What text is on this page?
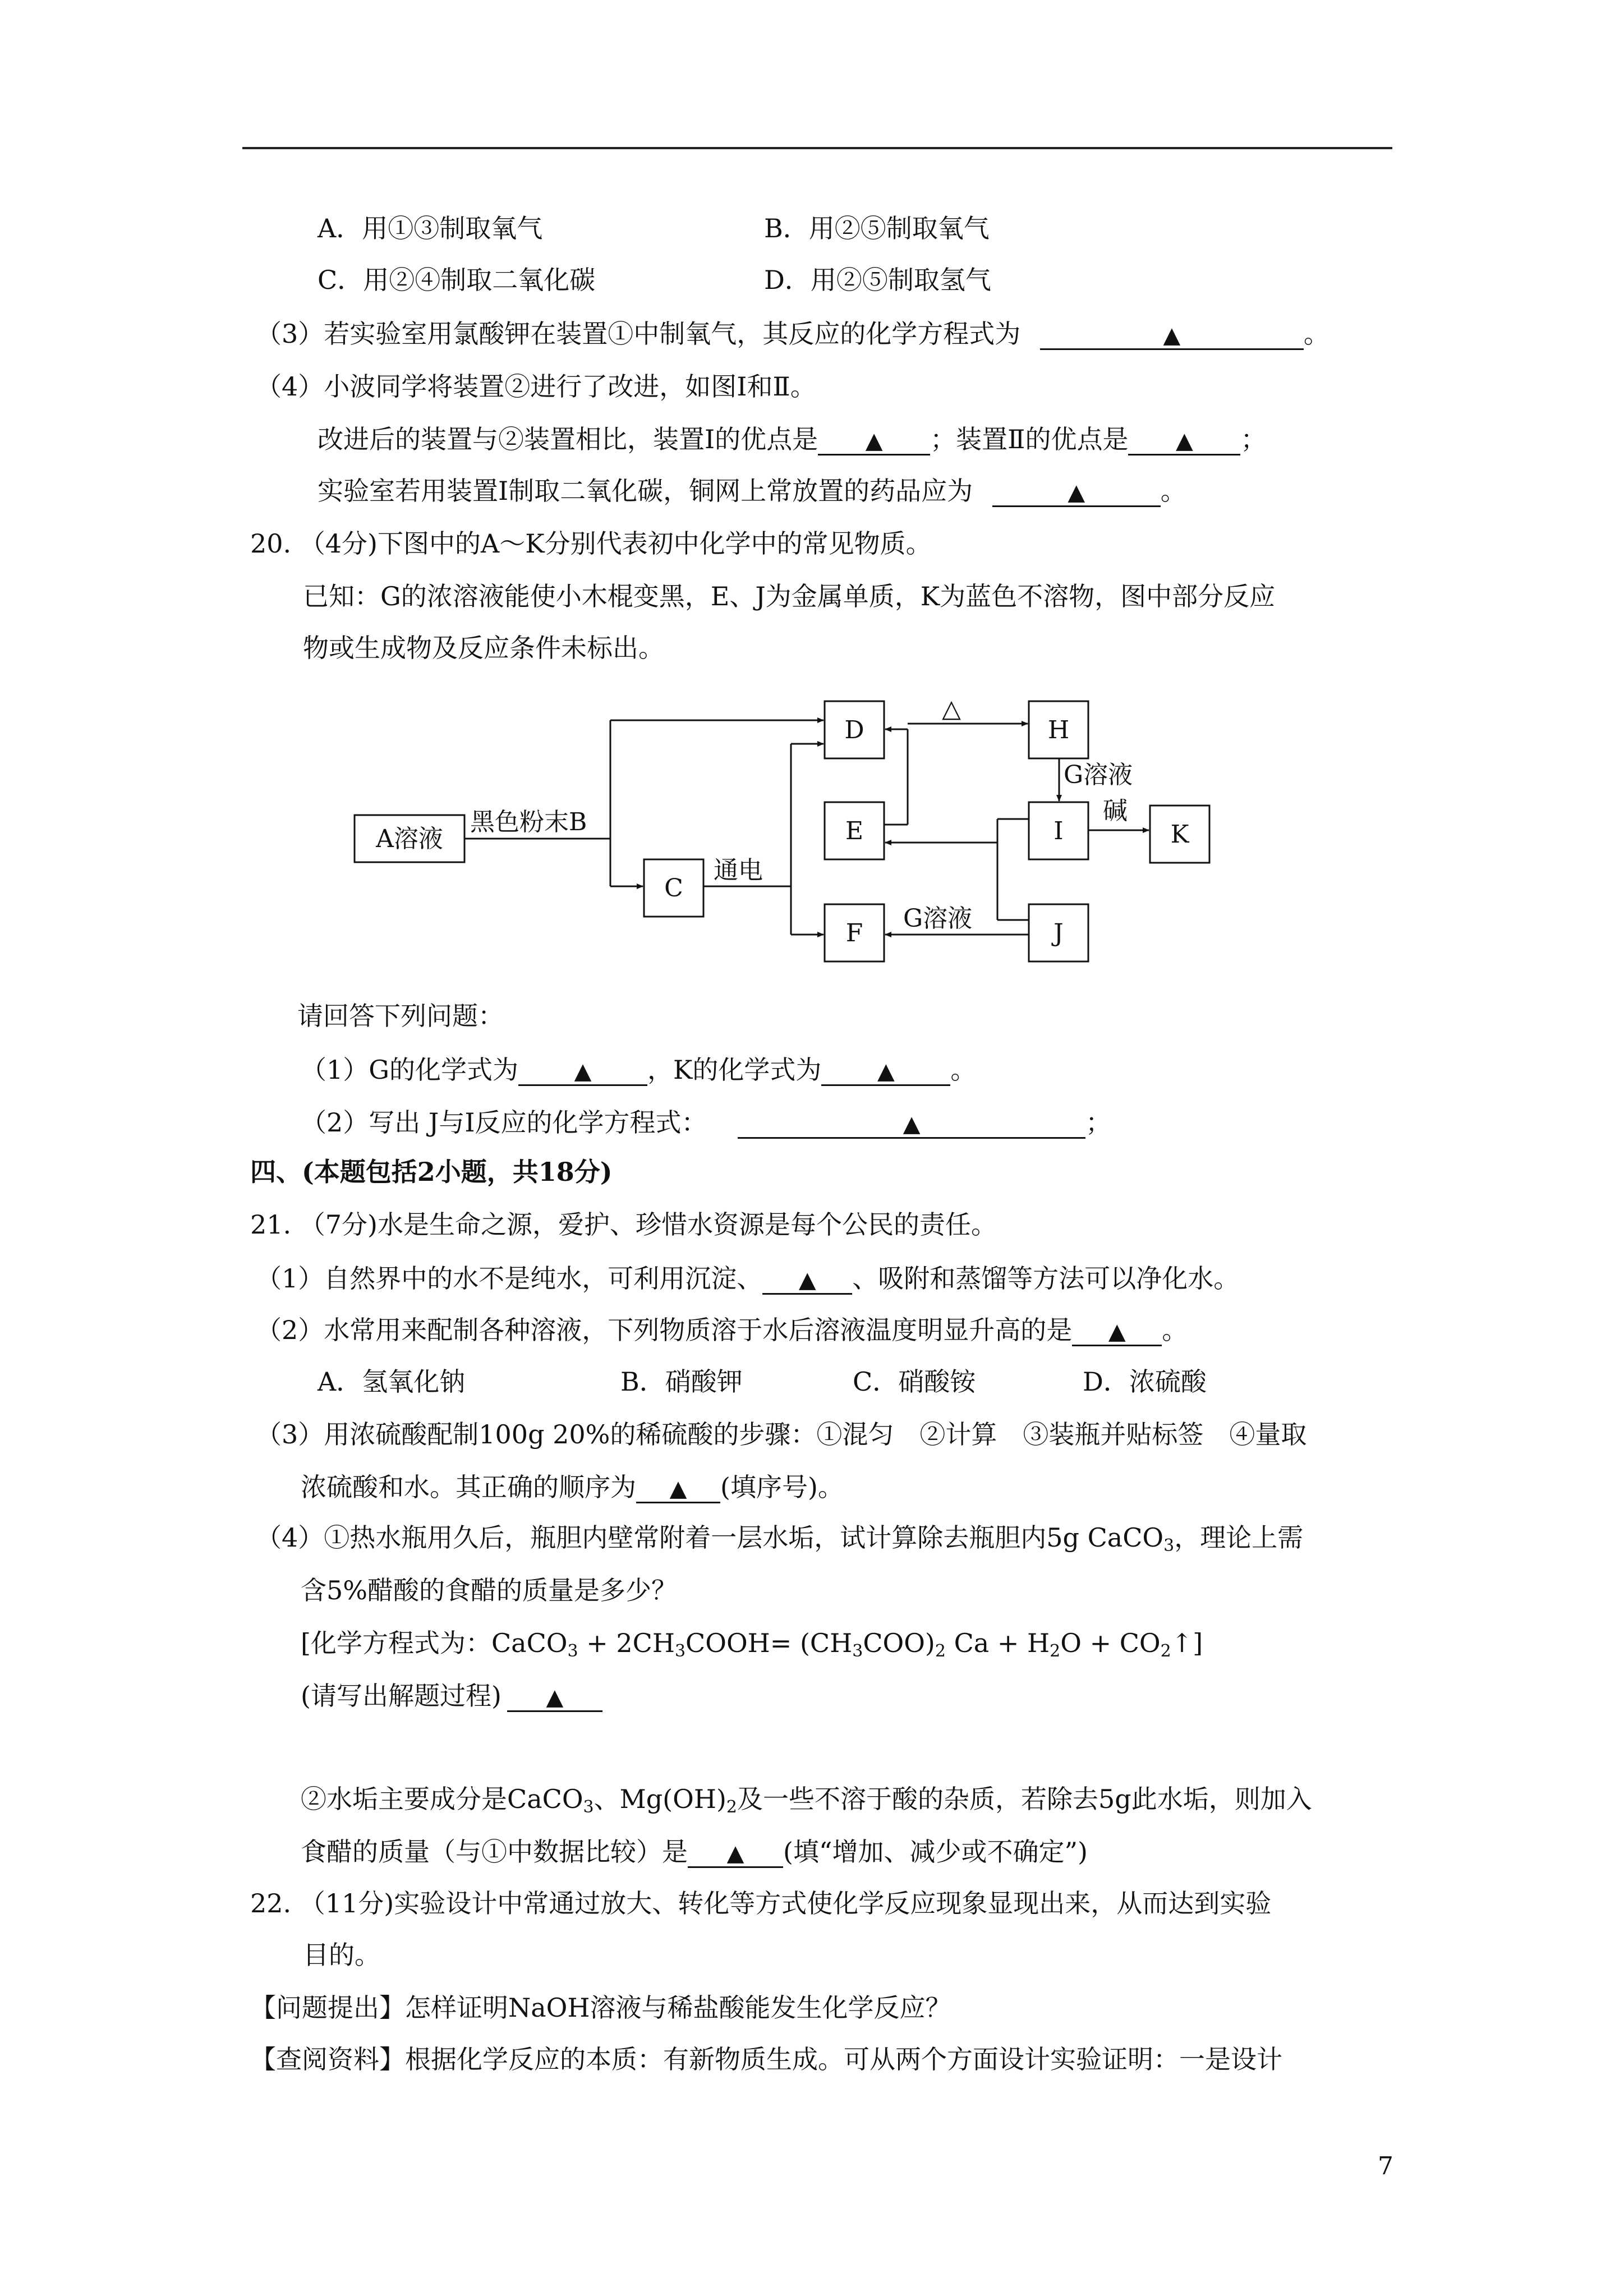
A．用①③制取氧气	B．用②⑤制取氧气
C．用②④制取二氧化碳	D．用②⑤制取氢气
（3）若实验室用氯酸钾在装置①中制氧气，其反应的化学方程式为	▲	。
（4）小波同学将装置②进行了改进，如图Ⅰ和Ⅱ。
改进后的装置与②装置相比，装置Ⅰ的优点是 ▲ ；装置Ⅱ的优点是 ▲ ；
实验室若用装置Ⅰ制取二氧化碳，铜网上常放置的药品应为	▲	。
20. （4分)下图中的A～K分别代表初中化学中的常见物质。
已知：G的浓溶液能使小木棍变黑，E、J为金属单质，K为蓝色不溶物，图中部分反应
物或生成物及反应条件未标出。
A溶液
C
D
E
F
H
I	K
J
黑色粉末B
通电
△
G溶液
碱
G溶液
请回答下列问题：
（1）G的化学式为 ▲ ，K的化学式为 ▲ 。
（2）写出 J与I反应的化学方程式：	▲	；
四、(本题包括2小题，共18分)
21. （7分)水是生命之源，爱护、珍惜水资源是每个公民的责任。
（1）自然界中的水不是纯水，可利用沉淀、 ▲ 、吸附和蒸馏等方法可以净化水。
（2）水常用来配制各种溶液，下列物质溶于水后溶液温度明显升高的是 ▲ 。
A．氢氧化钠	B．硝酸钾	C．硝酸铵	D．浓硫酸
（3）用浓硫酸配制100g 20%的稀硫酸的步骤：①混匀　②计算　③装瓶并贴标签　④量取
浓硫酸和水。其正确的顺序为 ▲ (填序号)。
（4）①热水瓶用久后，瓶胆内壁常附着一层水垢，试计算除去瓶胆内5g CaCO$_3$，理论上需
含5%醋酸的食醋的质量是多少？
[化学方程式为：CaCO$_3$ + $2CH_3COOH= (CH_3COO)_2$ $Ca + H_2O$ + $CO_2↑$]
(请写出解题过程) ▲
②水垢主要成分是CaCO$_3$、$Mg(OH)_2$及一些不溶于酸的杂质，若除去5g此水垢，则加入
食醋的质量（与①中数据比较）是 ▲ (填“增加、减少或不确定”)
22. （11分)实验设计中常通过放大、转化等方式使化学反应现象显现出来，从而达到实验
目的。
【问题提出】怎样证明NaOH溶液与稀盐酸能发生化学反应？
【查阅资料】根据化学反应的本质：有新物质生成。可从两个方面设计实验证明：一是设计
7
